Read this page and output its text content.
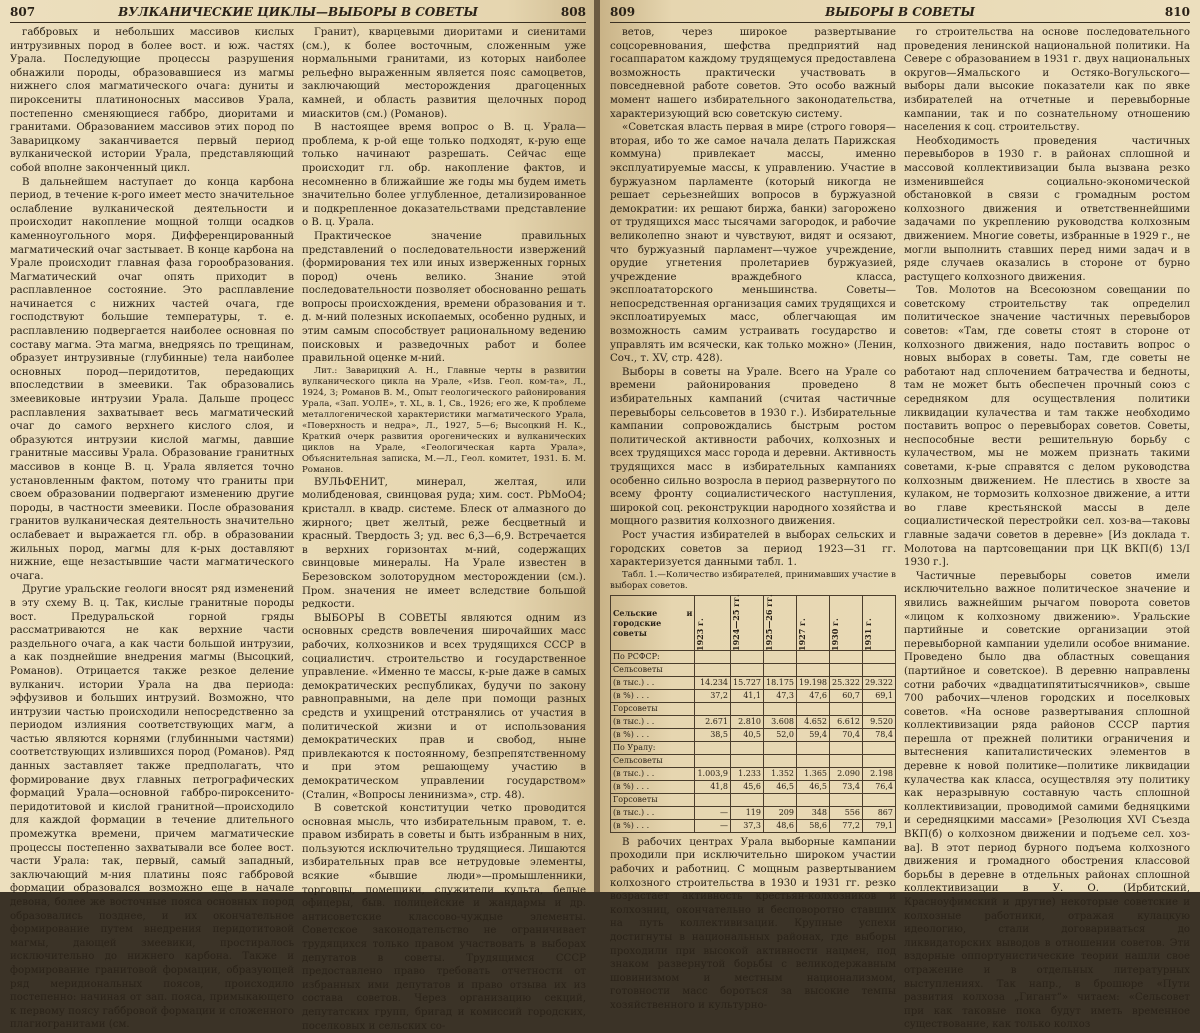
807	ВУЛКАНИЧЕСКИЕ ЦИКЛЫ—ВЫБОРЫ В СОВЕТЫ	808

габбровых и небольших массивов кислых интрузивных пород в более вост. и юж. частях Урала. Последующие процессы разрушения обнажили породы, образовавшиеся из магмы нижнего слоя магматического очага: дуниты и пироксениты платиноносных массивов Урала, постепенно сменяющиеся габбро, диоритами и гранитами. Образованием массивов этих пород по Заварицкому заканчивается первый период вулканической истории Урала, представляющий собой вполне законченный цикл.

В дальнейшем наступает до конца карбона период, в течение к-рого имеет место значительное ослабление вулканической деятельности и происходит накопление мощной толщи осадков каменноугольного моря. Дифференцированный магматический очаг застывает. В конце карбона на Урале происходит главная фаза горообразования. Магматический очаг опять приходит в расплавленное состояние. Это расплавление начинается с нижних частей очага, где господствуют большие температуры, т. е. расплавлению подвергается наиболее основная по составу магма. Эта магма, внедряясь по трещинам, образует интрузивные (глубинные) тела наиболее основных пород—перидотитов, передающих впоследствии в змеевики. Так образовались змеевиковые интрузии Урала. Дальше процесс расплавления захватывает весь магматический очаг до самого верхнего кислого слоя, и образуются интрузии кислой магмы, давшие гранитные массивы Урала. Образование гранитных массивов в конце В. ц. Урала является точно установленным фактом, потому что граниты при своем образовании подвергают изменению другие породы, в частности змеевики. После образования гранитов вулканическая деятельность значительно ослабевает и выражается гл. обр. в образовании жильных пород, магмы для к-рых доставляют нижние, еще незастывшие части магматического очага.

Другие уральские геологи вносят ряд изменений в эту схему В. ц. Так, кислые гранитные породы вост. Предуральской горной гряды рассматриваются не как верхние части раздельного очага, а как части большой интрузии, а как позднейшие внедрения магмы (Высоцкий, Романов). Отрицается также резкое деление вулканич. истории Урала на два периода: эффузивов и больших интрузий. Возможно, что интрузии частью происходили непосредственно за периодом излияния соответствующих магм, а частью являются корнями (глубинными частями) соответствующих излившихся пород (Романов). Ряд данных заставляет также предполагать, что формирование двух главных петрографических формаций Урала—основной габбро-пироксенито-перидотитовой и кислой гранитной—происходило для каждой формации в течение длительного промежутка времени, причем магматические процессы постепенно захватывали все более вост. части Урала: так, первый, самый западный, заключающий м-ния платины пояс габбровой формации образовался возможно еще в начале девона, более же восточные пояса основных пород образовались позднее, и их окончательное формирование путем внедрения перидотитовой магмы, дающей змеевики, простиралось исключительно до нижнего карбона. Также и формирование гранитовой формации, образующей ряд меридиональных поясов, происходило постепенно: начиная от зап. пояса, примыкающего к первому поясу габбровой формации и сложенного плагиогранитами (см.

Гранит), кварцевыми диоритами и сиенитами (см.), к более восточным, сложенным уже нормальными гранитами, из которых наиболее рельефно выраженным является пояс самоцветов, заключающий месторождения драгоценных камней, и область развития щелочных пород миаскитов (см.) (Романов).

В настоящее время вопрос о В. ц. Урала—проблема, к р-ой еще только подходят, к-рую еще только начинают разрешать. Сейчас еще происходит гл. обр. накопление фактов, и несомненно в ближайшие же годы мы будем иметь значительно более углубленное, детализированное и подкрепленное доказательствами представление о В. ц. Урала.

Практическое значение правильных представлений о последовательности извержений (формирования тех или иных изверженных горных пород) очень велико. Знание этой последовательности позволяет обоснованно решать вопросы происхождения, времени образования и т. д. м-ний полезных ископаемых, особенно рудных, и этим самым способствует рациональному ведению поисковых и разведочных работ и более правильной оценке м-ний.

Лит.: Заварицкий А. Н., Главные черты в развитии вулканического цикла на Урале, «Изв. Геол. ком-та», Л., 1924, 3; Романов В. М., Опыт геологического районирования Урала, «Зап. УОЛЕ», т. XL, в. 1, Св., 1926; его же, К проблеме металлогенической характеристики магматического Урала, «Поверхность и недра», Л., 1927, 5—6; Высоцкий Н. К., Краткий очерк развития орогенических и вулканических циклов на Урале, «Геологическая карта Урала», Объяснительная записка, М.—Л., Геол. комитет, 1931. Б. М. Романов.

ВУЛЬФЕНИТ, минерал, желтая, или молибденовая, свинцовая руда; хим. сост. PbMoO4; кристалл. в квадр. системе. Блеск от алмазного до жирного; цвет желтый, реже бесцветный и красный. Твердость 3; уд. вес 6,3—6,9. Встречается в верхних горизонтах м-ний, содержащих свинцовые минералы. На Урале известен в Березовском золоторудном месторождении (см.). Пром. значения не имеет вследствие большой редкости.

ВЫБОРЫ В СОВЕТЫ являются одним из основных средств вовлечения широчайших масс рабочих, колхозников и всех трудящихся СССР в социалистич. строительство и государственное управление. «Именно те массы, к-рые даже в самых демократических республиках, будучи по закону равноправными, на деле при помощи разных средств и ухищрений отстранялись от участия в политической жизни и от использования демократических прав и свобод, ныне привлекаются к постоянному, безпрепятственному и при этом решающему участию в демократическом управлении государством» (Сталин, «Вопросы ленинизма», стр. 48).

В советской конституции четко проводится основная мысль, что избирательным правом, т. е. правом избирать в советы и быть избранным в них, пользуются исключительно трудящиеся. Лишаются избирательных прав все нетрудовые элементы, всякие «бывшие люди»—промышленники, торговцы, помещики, служители культа, белые офицеры, быв. полицейские и жандармы и др. антисоветские классово-чуждые элементы. Советское законодательство не ограничивает трудящихся только правом участвовать в выборах депутатов в советы. Трудящимся СССР предоставлено право требовать отчетности от избранных ими депутатов и право отзыва их из состава советов. Через организацию секций, депутатских групп, бригад и комиссий городских, поселковых и сельских со-

809	ВЫБОРЫ В СОВЕТЫ	810

ветов, через широкое развертывание соцсоревнования, шефства предприятий над госаппаратом каждому трудящемуся предоставлена возможность практически участвовать в повседневной работе советов. Это особо важный момент нашего избирательного законодательства, характеризующий всю советскую систему.

«Советская власть первая в мире (строго говоря—вторая, ибо то же самое начала делать Парижская коммуна) привлекает массы, именно эксплуатируемые массы, к управлению. Участие в буржуазном парламенте (который никогда не решает серьезнейших вопросов в буржуазной демократии: их решают биржа, банки) загорожено от трудящихся масс тысячами загородок, и рабочие великолепно знают и чувствуют, видят и осязают, что буржуазный парламент—чужое учреждение, орудие угнетения пролетариев буржуазией, учреждение враждебного класса, эксплоататорского меньшинства. Советы—непосредственная организация самих трудящихся и эксплоатируемых масс, облегчающая им возможность самим устраивать государство и управлять им всячески, как только можно» (Ленин, Соч., т. XV, стр. 428).

Выборы в советы на Урале. Всего на Урале со времени районирования проведено 8 избирательных кампаний (считая частичные перевыборы сельсоветов в 1930 г.). Избирательные кампании сопровождались быстрым ростом политической активности рабочих, колхозных и всех трудящихся масс города и деревни. Активность трудящихся масс в избирательных кампаниях особенно сильно возросла в период развернутого по всему фронту социалистического наступления, широкой соц. реконструкции народного хозяйства и мощного развития колхозного движения.

Рост участия избирателей в выборах сельских и городских советов за период 1923—31 гг. характеризуется данными табл. 1.

Табл. 1.—Количество избирателей, принимавших участие в выборах советов.

Сельские и городские советы	1923 г.	1924—25 гг.	1925—26 гг.	1927 г.	1930 г.	1931 г.
По РСФСР:						
Сельсоветы						
(в тыс.) . .	14.234	15.727	18.175	19.198	25.322	29.322
(в %) . . .	37,2	41,1	47,3	47,6	60,7	69,1
Горсоветы						
(в тыс.) . .	2.671	2.810	3.608	4.652	6.612	9.520
(в %) . . .	38,5	40,5	52,0	59,4	70,4	78,4
По Уралу:						
Сельсоветы						
(в тыс.) . .	1.003,9	1.233	1.352	1.365	2.090	2.198
(в %) . . .	41,8	45,6	46,5	46,5	73,4	76,4
Горсоветы						
(в тыс.) . .	—	119	209	348	556	867
(в %) . . .	—	37,3	48,6	58,6	77,2	79,1

В рабочих центрах Урала выборные кампании проходили при исключительно широком участии рабочих и работниц. С мощным развертыванием колхозного строительства в 1930 и 1931 гг. резко возрастает активность крестьян-колхозников и колхозниц, окончательно и бесповоротно ставших на путь коллективизации. Крупные успехи достигнуты в национальных районах, где выборы проходили при высокой активности нацмен, под знаком развернутой борьбы с великодержавным шовинизмом и местным национализмом, готовности масс бороться за высокие темпы хозяйственного и культурно-

го строительства на основе последовательного проведения ленинской национальной политики. На Севере с образованием в 1931 г. двух национальных округов—Ямальского и Остяко-Вогульского—выборы дали высокие показатели как по явке избирателей на отчетные и перевыборные кампании, так и по сознательному отношению населения к соц. строительству.

Необходимость проведения частичных перевыборов в 1930 г. в районах сплошной и массовой коллективизации была вызвана резко изменившейся социально-экономической обстановкой в связи с громадным ростом колхозного движения и ответственнейшими задачами по укреплению руководства колхозным движением. Многие советы, избранные в 1929 г., не могли выполнить ставших перед ними задач и в ряде случаев оказались в стороне от бурно растущего колхозного движения.

Тов. Молотов на Всесоюзном совещании по советскому строительству так определил политическое значение частичных перевыборов советов: «Там, где советы стоят в стороне от колхозного движения, надо поставить вопрос о новых выборах в советы. Там, где советы не работают над сплочением батрачества и бедноты, там не может быть обеспечен прочный союз с середняком для осуществления политики ликвидации кулачества и там также необходимо поставить вопрос о перевыборах советов. Советы, неспособные вести решительную борьбу с кулачеством, мы не можем признать такими советами, к-рые справятся с делом руководства колхозным движением. Не плестись в хвосте за кулаком, не тормозить колхозное движение, а итти во главе крестьянской массы в деле социалистической перестройки сел. хоз-ва—таковы главные задачи советов в деревне» [Из доклада т. Молотова на партсовещании при ЦК ВКП(б) 13/I 1930 г.].

Частичные перевыборы советов имели исключительно важное политическое значение и явились важнейшим рычагом поворота советов «лицом к колхозному движению». Уральские партийные и советские организации этой перевыборной кампании уделили особое внимание. Проведено было два областных совещания (партийное и советское). В деревню направлены сотни рабочих «двадцатипятитысячников», свыше 700 рабочих—членов городских и поселковых советов. «На основе развертывания сплошной коллективизации ряда районов СССР партия перешла от прежней политики ограничения и вытеснения капиталистических элементов в деревне к новой политике—политике ликвидации кулачества как класса, осуществляя эту политику как неразрывную составную часть сплошной коллективизации, проводимой самими бедняцкими и середняцкими массами» [Резолюция XVI Съезда ВКП(б) о колхозном движении и подъеме сел. хоз-ва]. В этот период бурного подъема колхозного движения и громадного обострения классовой борьбы в деревне в отдельных районах сплошной коллективизации в У. О. (Ирбитский, Красноуфимский и другие) некоторые советские и колхозные работники, отражая кулацкую идеологию, стали договариваться до ликвидаторских выводов в отношении советов. Эти вздорные оппортунистические теории нашли свое отражение и в отдельных литературных выступлениях. Так напр., в брошюре «Пути развития колхоза „Гигант“» читаем: «Сельсовет при как таковые пока будут иметь временное существование, как только колхоз
